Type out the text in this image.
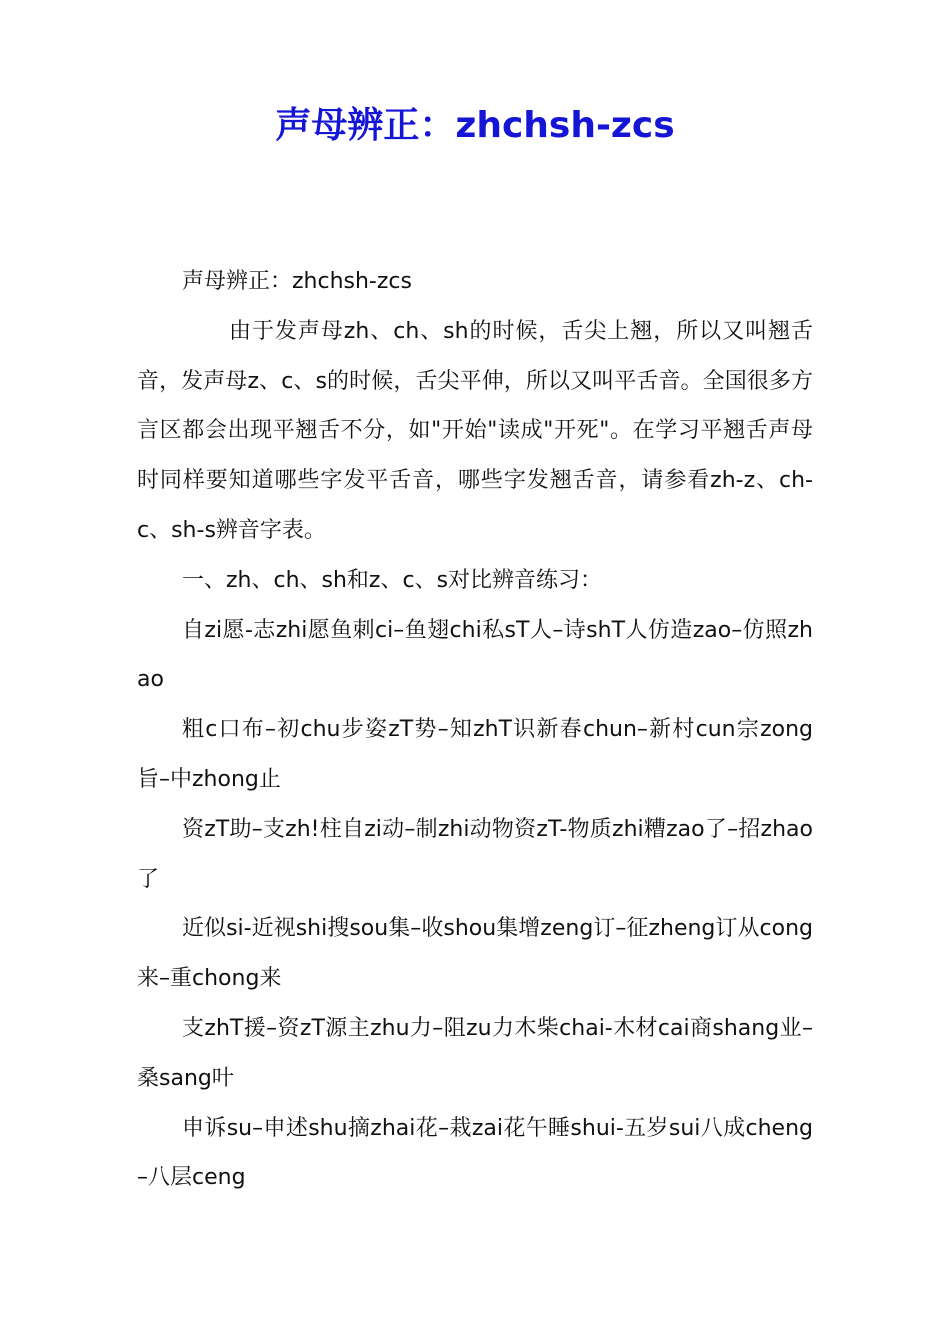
声母辨正：zhchsh-zcs

声母辨正：zhchsh-zcs

由于发声母zh、ch、sh的时候，舌尖上翘，所以又叫翘舌音，发声母z、c、s的时候，舌尖平伸，所以又叫平舌音。全国很多方言区都会出现平翘舌不分，如"开始"读成"开死"。在学习平翘舌声母时同样要知道哪些字发平舌音，哪些字发翘舌音，请参看zh-z、ch-c、sh-s辨音字表。

一、zh、ch、sh和z、c、s对比辨音练习：

自zi愿-志zhi愿鱼刺ci–鱼翅chi私sT人–诗shT人仿造zao–仿照zhao

粗c口布–初chu步姿zT势–知zhT识新春chun–新村cun宗zong旨–中zhong止

资zT助–支zh!柱自zi动–制zhi动物资zT-物质zhi糟zao了–招zhao了

近似si-近视shi搜sou集–收shou集增zeng订–征zheng订从cong来–重chong来

支zhT援–资zT源主zhu力–阻zu力木柴chai-木材cai商shang业–桑sang叶

申诉su–申述shu摘zhai花–栽zai花午睡shui-五岁sui八成cheng–八层ceng
